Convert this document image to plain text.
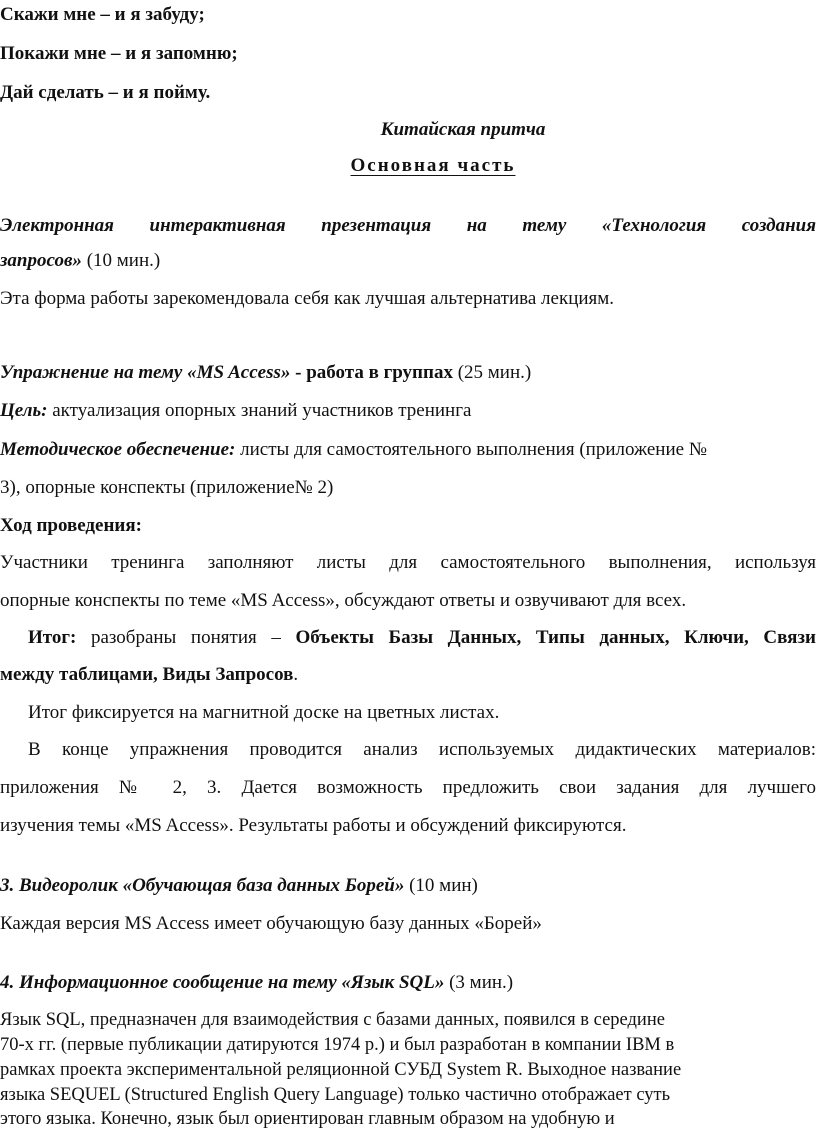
Скажи мне – и я забуду;
Покажи мне – и я запомню;
Дай сделать – и я пойму.
Китайская притча
Основная часть
Электронная интерактивная презентация на тему «Технология создания
запросов» (10 мин.)
Эта форма работы зарекомендовала себя как лучшая альтернатива лекциям.
Упражнение на тему «MS Access» - работа в группах (25 мин.)
Цель: актуализация опорных знаний участников тренинга
Методическое обеспечение: листы для самостоятельного выполнения (приложение №
3), опорные конспекты (приложение№ 2)
Ход проведения:
Участники тренинга заполняют листы для самостоятельного выполнения, используя
опорные конспекты по теме «MS Access», обсуждают ответы и озвучивают для всех.
Итог: разобраны понятия – Объекты Базы Данных, Типы данных, Ключи, Связи
между таблицами, Виды Запросов.
Итог фиксируется на магнитной доске на цветных листах.
В конце упражнения проводится анализ используемых дидактических материалов:
приложения № 2, 3. Дается возможность предложить свои задания для лучшего
изучения темы «MS Access». Результаты работы и обсуждений фиксируются.
3. Видеоролик «Обучающая база данных Борей» (10 мин)
Каждая версия MS Access имеет обучающую базу данных «Борей»
4. Информационное сообщение на тему «Язык SQL» (3 мин.)
Язык SQL, предназначен для взаимодействия с базами данных, появился в середине
70-х гг. (первые публикации датируются 1974 р.) и был разработан в компании IBM в
рамках проекта экспериментальной реляционной СУБД System R. Выходное название
языка SEQUEL (Structured English Query Language) только частично отображает суть
этого языка. Конечно, язык был ориентирован главным образом на удобную и
